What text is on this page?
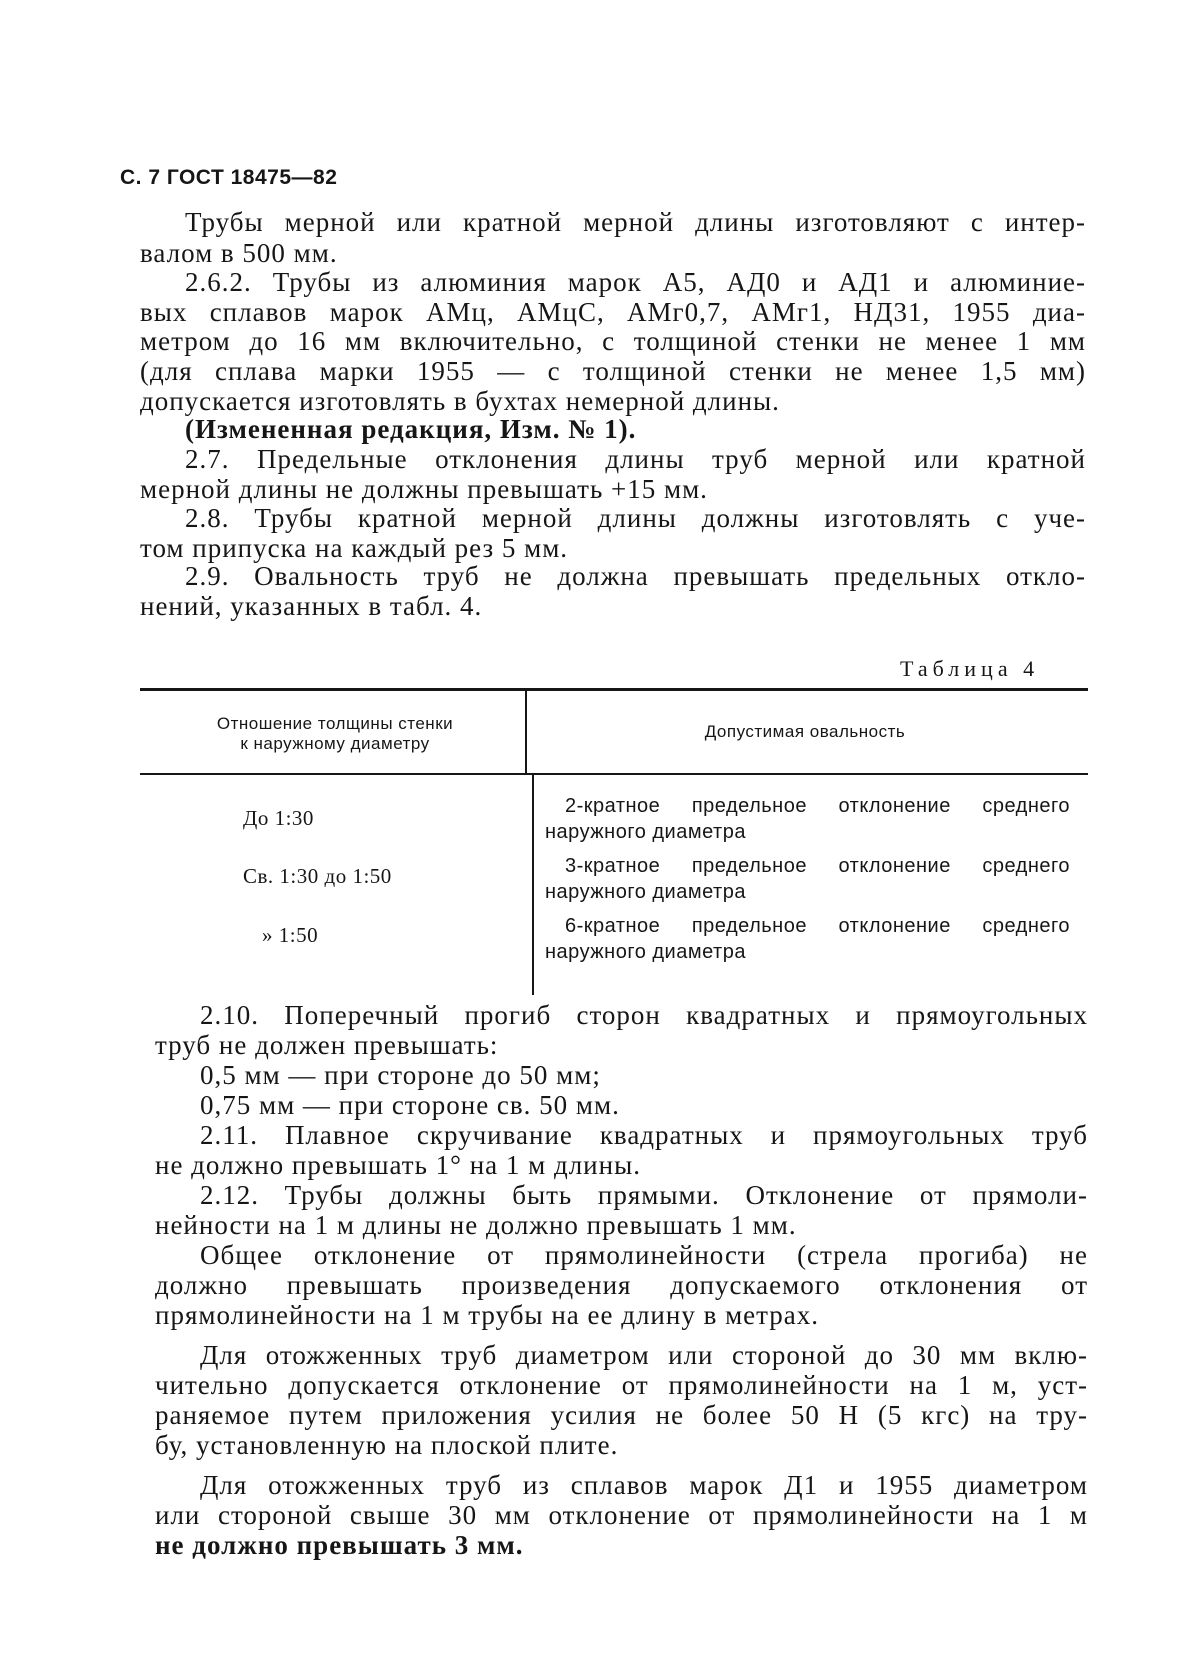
С. 7 ГОСТ 18475—82
Трубы мерной или кратной мерной длины изготовляют с интер-
валом в 500 мм.
2.6.2. Трубы из алюминия марок А5, АД0 и АД1 и алюминие-
вых сплавов марок АМц, АМцС, АМг0,7, АМг1, НД31, 1955 диа-
метром до 16 мм включительно, с толщиной стенки не менее 1 мм
(для сплава марки 1955 — с толщиной стенки не менее 1,5 мм)
допускается изготовлять в бухтах немерной длины.
(Измененная редакция, Изм. № 1).
2.7. Предельные отклонения длины труб мерной или кратной
мерной длины не должны превышать +15 мм.
2.8. Трубы кратной мерной длины должны изготовлять с уче-
том припуска на каждый рез 5 мм.
2.9. Овальность труб не должна превышать предельных откло-
нений, указанных в табл. 4.
Таблица 4
Отношение толщины стенки
к наружному диаметру
Допустимая овальность
До 1:30	2-кратное предельное отклонение среднего
наружного диаметра
Св. 1:30 до 1:50	3-кратное предельное отклонение среднего
наружного диаметра
» 1:50	6-кратное предельное отклонение среднего
наружного диаметра
2.10. Поперечный прогиб сторон квадратных и прямоугольных
труб не должен превышать:
0,5 мм — при стороне до 50 мм;
0,75 мм — при стороне св. 50 мм.
2.11. Плавное скручивание квадратных и прямоугольных труб
не должно превышать 1° на 1 м длины.
2.12. Трубы должны быть прямыми. Отклонение от прямоли-
нейности на 1 м длины не должно превышать 1 мм.
Общее отклонение от прямолинейности (стрела прогиба) не
должно превышать произведения допускаемого отклонения от
прямолинейности на 1 м трубы на ее длину в метрах.
Для отожженных труб диаметром или стороной до 30 мм вклю-
чительно допускается отклонение от прямолинейности на 1 м, уст-
раняемое путем приложения усилия не более 50 Н (5 кгс) на тру-
бу, установленную на плоской плите.
Для отожженных труб из сплавов марок Д1 и 1955 диаметром
или стороной свыше 30 мм отклонение от прямолинейности на 1 м
не должно превышать 3 мм.
